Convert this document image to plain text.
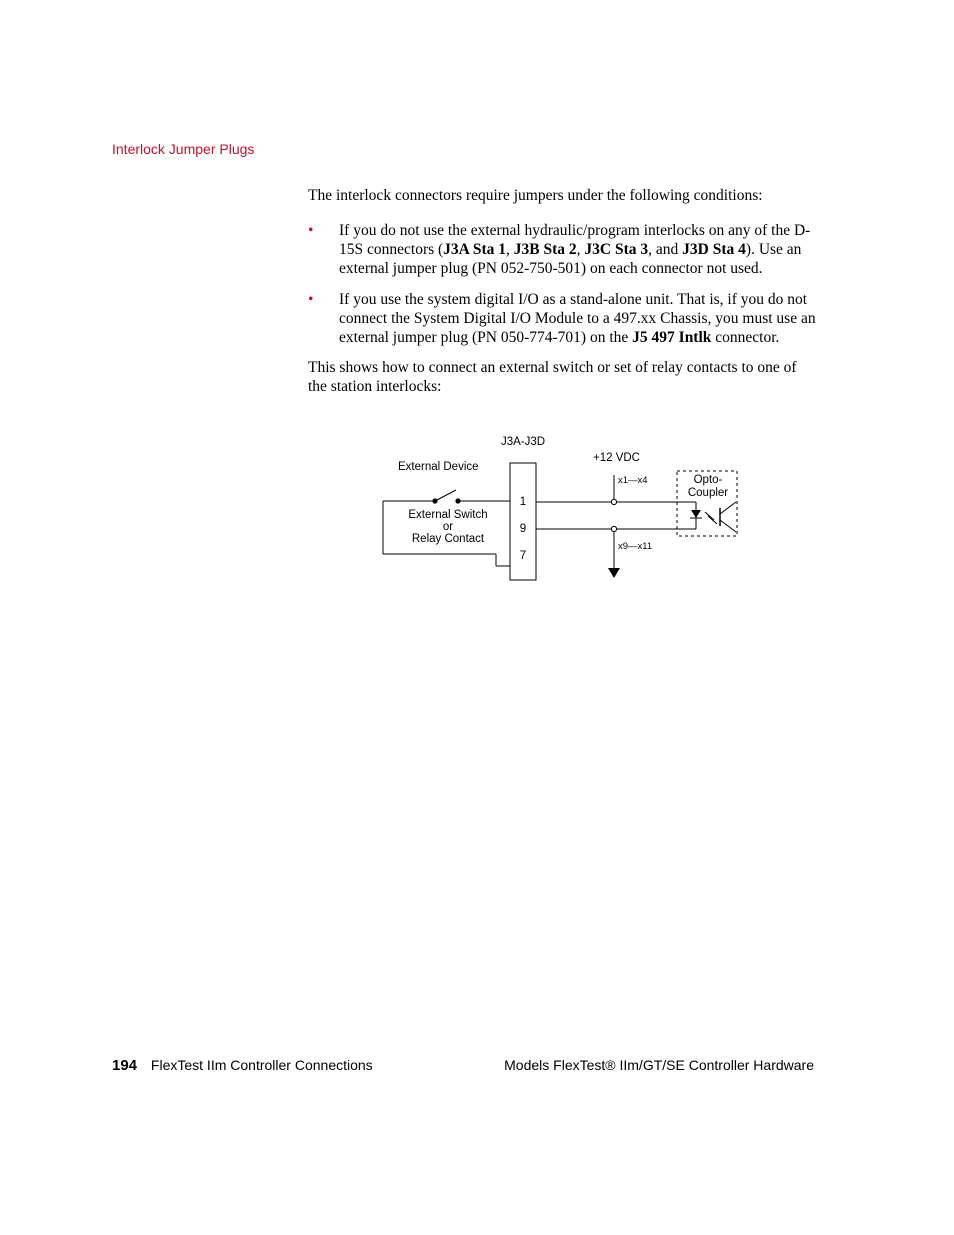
Interlock Jumper Plugs

The interlock connectors require jumpers under the following conditions:

• If you do not use the external hydraulic/program interlocks on any of the D-15S connectors (J3A Sta 1, J3B Sta 2, J3C Sta 3, and J3D Sta 4). Use an external jumper plug (PN 052-750-501) on each connector not used.
• If you use the system digital I/O as a stand-alone unit. That is, if you do not connect the System Digital I/O Module to a 497.xx Chassis, you must use an external jumper plug (PN 050-774-701) on the J5 497 Intlk connector.

This shows how to connect an external switch or set of relay contacts to one of the station interlocks:

J3A-J3D
External Device
+12 VDC
x1—x4
x9—x11
Opto-
Coupler
External Switch
or
Relay Contact
1
9
7
194 FlexTest IIm Controller Connections	Models FlexTest® IIm/GT/SE Controller Hardware
